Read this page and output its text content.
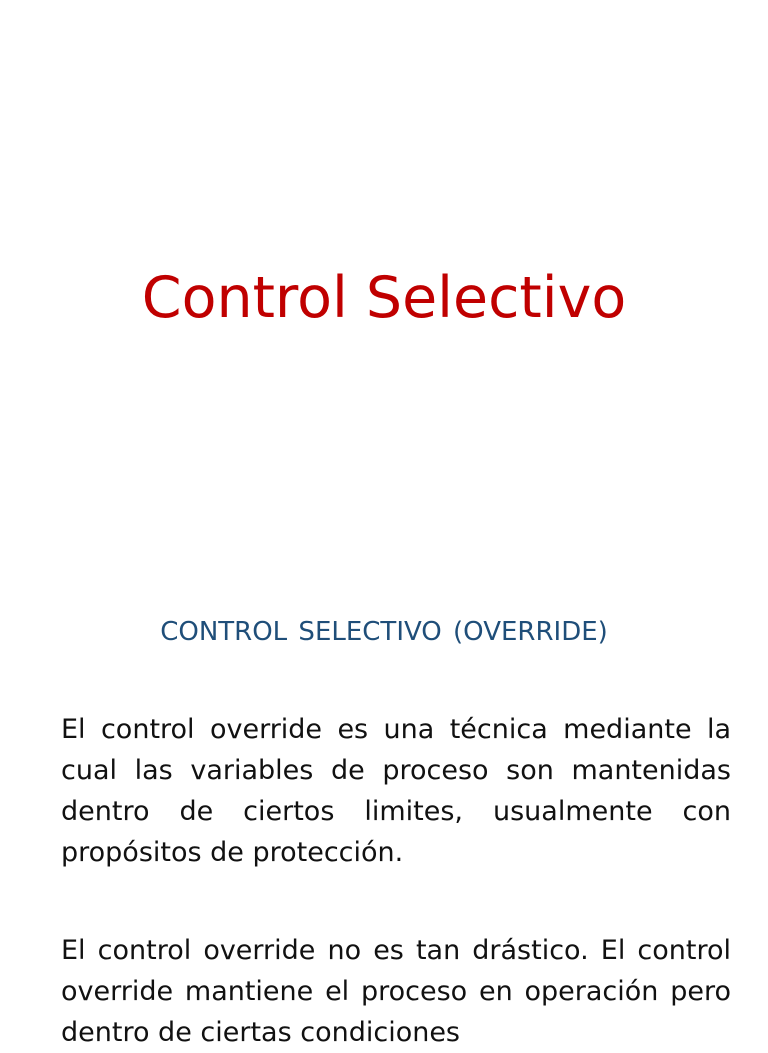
Control Selectivo
CONTROL SELECTIVO (OVERRIDE)

El control override es una técnica mediante la cual las variables de proceso son mantenidas dentro de ciertos limites, usualmente con propósitos de protección.

El control override no es tan drástico. El control override mantiene el proceso en operación pero dentro de ciertas condiciones
